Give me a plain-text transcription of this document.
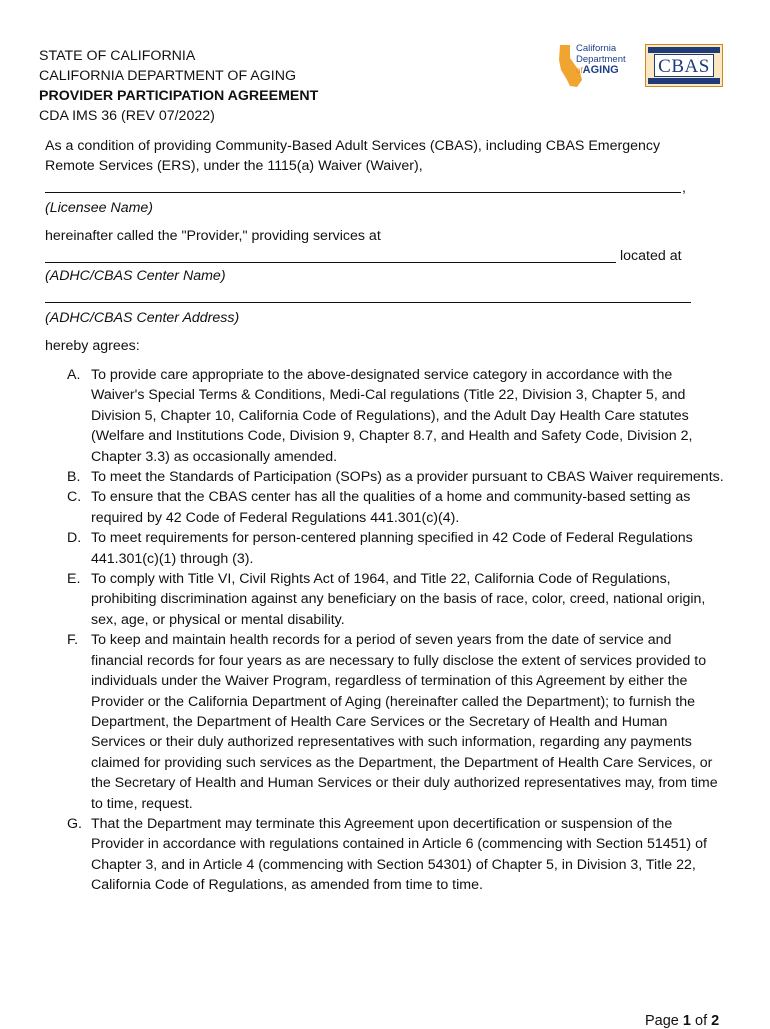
STATE OF CALIFORNIA
CALIFORNIA DEPARTMENT OF AGING
PROVIDER PARTICIPATION AGREEMENT
CDA IMS 36 (REV 07/2022)
California
Department
ofAGING	CBAS
As a condition of providing Community-Based Adult Services (CBAS), including CBAS Emergency
Remote Services (ERS), under the 1115(a) Waiver (Waiver),
,
(Licensee Name)
hereinafter called the "Provider," providing services at
located at
(ADHC/CBAS Center Name)
(ADHC/CBAS Center Address)
hereby agrees:
A. To provide care appropriate to the above-designated service category in accordance with the Waiver's Special Terms & Conditions, Medi-Cal regulations (Title 22, Division 3, Chapter 5, and Division 5, Chapter 10, California Code of Regulations), and the Adult Day Health Care statutes (Welfare and Institutions Code, Division 9, Chapter 8.7, and Health and Safety Code, Division 2, Chapter 3.3) as occasionally amended.
B. To meet the Standards of Participation (SOPs) as a provider pursuant to CBAS Waiver requirements.
C. To ensure that the CBAS center has all the qualities of a home and community-based setting as required by 42 Code of Federal Regulations 441.301(c)(4).
D. To meet requirements for person-centered planning specified in 42 Code of Federal Regulations 441.301(c)(1) through (3).
E. To comply with Title VI, Civil Rights Act of 1964, and Title 22, California Code of Regulations, prohibiting discrimination against any beneficiary on the basis of race, color, creed, national origin, sex, age, or physical or mental disability.
F. To keep and maintain health records for a period of seven years from the date of service and financial records for four years as are necessary to fully disclose the extent of services provided to individuals under the Waiver Program, regardless of termination of this Agreement by either the Provider or the California Department of Aging (hereinafter called the Department); to furnish the Department, the Department of Health Care Services or the Secretary of Health and Human Services or their duly authorized representatives with such information, regarding any payments claimed for providing such services as the Department, the Department of Health Care Services, or the Secretary of Health and Human Services or their duly authorized representatives may, from time to time, request.
G. That the Department may terminate this Agreement upon decertification or suspension of the Provider in accordance with regulations contained in Article 6 (commencing with Section 51451) of Chapter 3, and in Article 4 (commencing with Section 54301) of Chapter 5, in Division 3, Title 22, California Code of Regulations, as amended from time to time.
Page 1 of 2
